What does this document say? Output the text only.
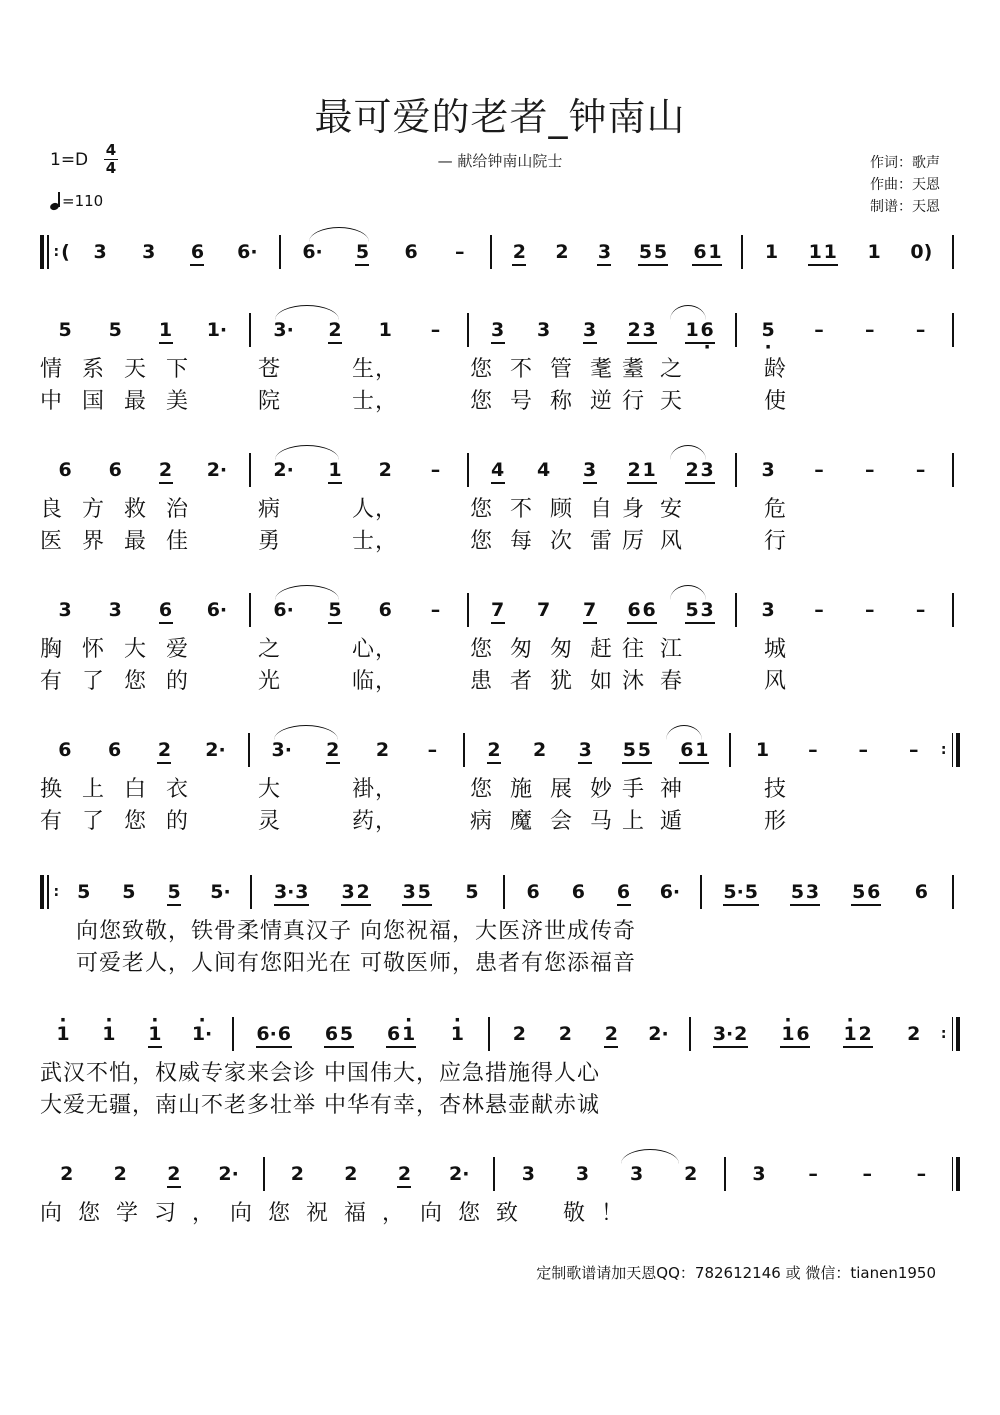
最可爱的老者_钟南山
— 献给钟南山院士
1=D 4
4
=110
作词：歌声
作曲：天恩
制谱：天恩
: ( 3 3 6 6· 6· 5 6 –	2 2 3 5 5 6 1 1 1 1 1 0)
5 5 1 1· 3· 2 1 –	3 3 3 2 3 1 · 6	· 5 – – –
情 系 天 下	苍	生，	您 不 管 耄 耋 之	龄
中 国 最 美	院	士，	您 号 称 逆 行 天	使
6 6 2 2· 2· 1 2 –	4 4 3 2 1 2 3	3 – – –
良 方 救 治	病	人，	您 不 顾 自 身 安	危
医 界 最 佳	勇	士，	您 每 次 雷 厉 风	行
3 3 6 6· 6· 5 6 –	7 7 7 6 6 5 3	3 – – –
胸 怀 大 爱	之	心，	您 匆 匆 赶 往 江	城
有 了 您 的	光	临，	患 者 犹 如 沐 春	风
6 6 2 2· 3· 2 2 –	2 2 3 5 5 6 1 1 – – –	:
换 上 白 衣	大	褂，	您 施 展 妙 手 神	技
有 了 您 的	灵	药，	病 魔 会 马 上 遁	形
: 5 5 5 5· 3· 3 3 2 3 5 5	6 6 6 6· 5· 5 5 3 5 6 6
向您致敬，铁骨柔情真汉子 向您祝福，大医济世成传奇
可爱老人，人间有您阳光在 可敬医师，患者有您添福音
· 1 · 1 · 1 · 1· 6· 6 6 5 6 · 1 · 1	2 2 2 2· 3· 2 · 1 6 · 1 2 2 :
武汉不怕，权威专家来会诊 中国伟大，应急措施得人心
大爱无疆，南山不老多壮举 中华有幸，杏林悬壶献赤诚
2 2 2 2·	2 2 2 2·	3 3 3 2	3 – – –
向您学习，向您祝福，向您致 敬！
定制歌谱请加天恩QQ：782612146 或 微信：tianen1950
